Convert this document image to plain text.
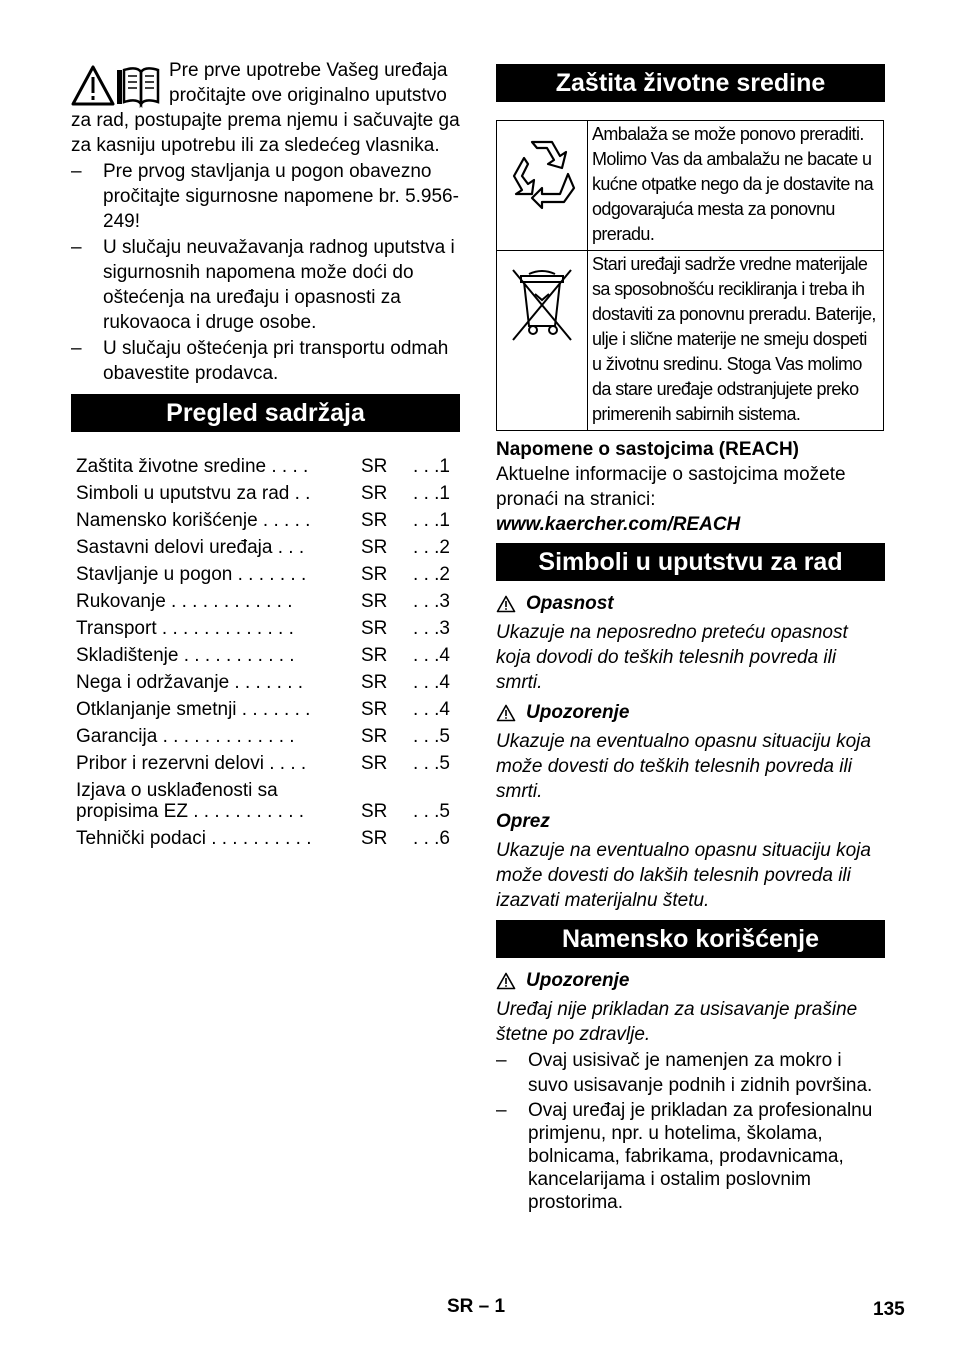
Pre prve upotrebe Vašeg uređaja pročitajte ove originalno uputstvo za rad, postupajte prema njemu i sačuvajte ga za kasniju upotrebu ili za sledećeg vlasnika.

–	Pre prvog stavljanja u pogon obavezno pročitajte sigurnosne napomene br. 5.956-249!
–	U slučaju neuvažavanja radnog uputstva i sigurnosnih napomena može doći do oštećenja na uređaju i opasnosti za rukovaoca i druge osobe.
–	U slučaju oštećenja pri transportu odmah obavestite prodavca.
Pregled sadržaja
Zaštita životne sredine . . . .	SR	. . .1
Simboli u uputstvu za rad . .	SR	. . .1
Namensko korišćenje . . . . .	SR	. . .1
Sastavni delovi uređaja . . .	SR	. . .2
Stavljanje u pogon . . . . . . .	SR	. . .2
Rukovanje . . . . . . . . . . . .	SR	. . .3
Transport . . . . . . . . . . . . .	SR	. . .3
Skladištenje . . . . . . . . . . .	SR	. . .4
Nega i održavanje . . . . . . .	SR	. . .4
Otklanjanje smetnji . . . . . . .	SR	. . .4
Garancija . . . . . . . . . . . . .	SR	. . .5
Pribor i rezervni delovi . . . .	SR	. . .5
Izjava o usklađenosti sa propisima EZ . . . . . . . . . . .	SR	. . .5
Tehnički podaci . . . . . . . . . .	SR	. . .6
Zaštita životne sredine
	Ambalaža se može ponovo preraditi. Molimo Vas da ambalažu ne bacate u kućne otpatke nego da je dostavite na odgovarajuća mesta za ponovnu preradu.
	Stari uređaji sadrže vredne materijale sa sposobnošću recikliranja i treba ih dostaviti za ponovnu preradu. Baterije, ulje i slične materije ne smeju dospeti u životnu sredinu. Stoga Vas molimo da stare uređaje odstranjujete preko primerenih sabirnih sistema.

Napomene o sastojcima (REACH)

Aktuelne informacije o sastojcima možete pronaći na stranici:

www.kaercher.com/REACH

Simboli u uputstvu za rad
Opasnost

Ukazuje na neposredno preteću opasnost koja dovodi do teških telesnih povreda ili smrti.

Upozorenje

Ukazuje na eventualno opasnu situaciju koja može dovesti do teških telesnih povreda ili smrti.

Oprez

Ukazuje na eventualno opasnu situaciju koja može dovesti do lakših telesnih povreda ili izazvati materijalnu štetu.

Namensko korišćenje
Upozorenje

Uređaj nije prikladan za usisavanje prašine štetne po zdravlje.

–	Ovaj usisivač je namenjen za mokro i suvo usisavanje podnih i zidnih površina.
–	Ovaj uređaj je prikladan za profesionalnu primjenu, npr. u hotelima, školama, bolnicama, fabrikama, prodavnicama, kancelarijama i ostalim poslovnim prostorima.
SR – 1	135
